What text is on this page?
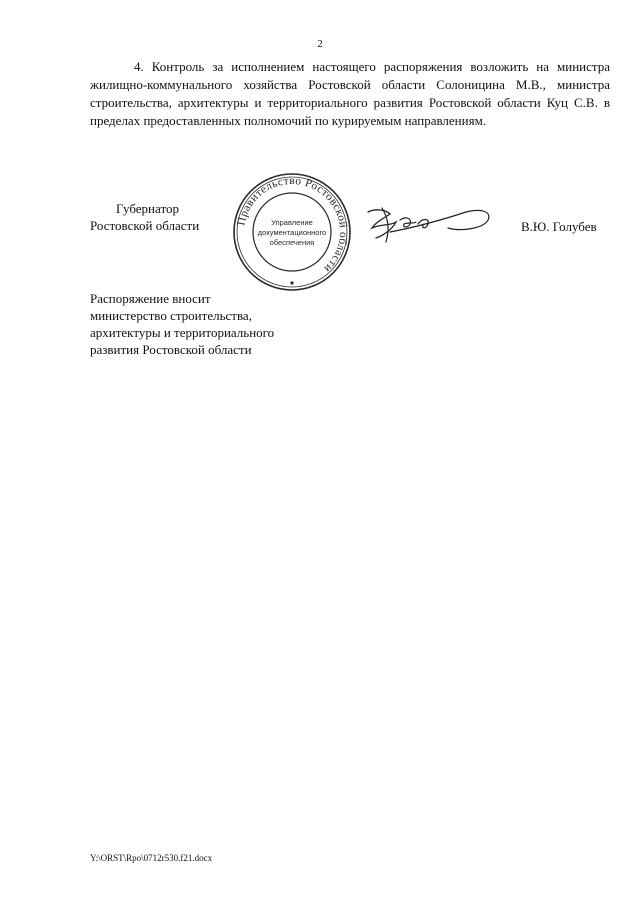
2

4. Контроль за исполнением настоящего распоряжения возложить на министра жилищно-коммунального хозяйства Ростовской области Солоницина М.В., министра строительства, архитектуры и территориального развития Ростовской области Куц С.В. в пределах предоставленных полномочий по курируемым направлениям.

Губернатор
Ростовской области	Правительство Ростовской области
Управление
документационного
обеспечения

В.Ю. Голубев

Распоряжение вносит
министерство строительства,
архитектуры и территориального
развития Ростовской области

Y:\ORST\Rpo\0712r530.f21.docx
